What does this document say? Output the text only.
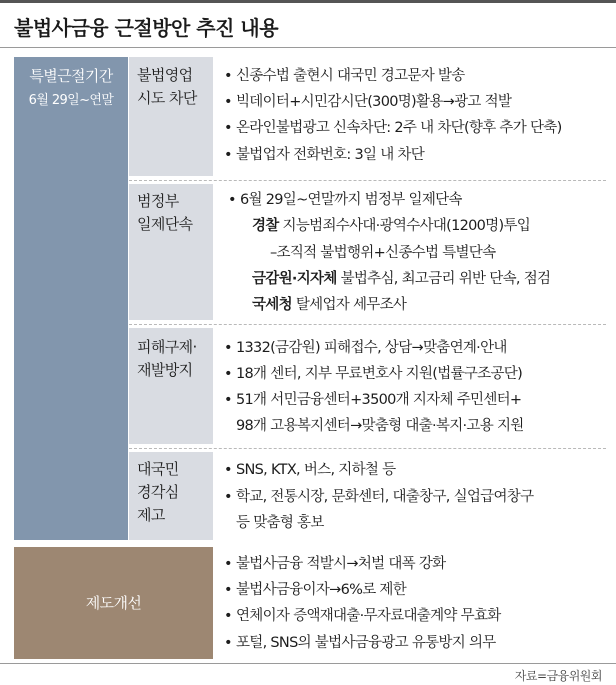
불법사금융 근절방안 추진 내용
특별근절기간
6월 29일~연말
불법영업
시도 차단
• 신종수법 출현시 대국민 경고문자 발송
• 빅데이터+시민감시단(300명)활용→광고 적발
• 온라인불법광고 신속차단: 2주 내 차단(향후 추가 단축)
• 불법업자 전화번호: 3일 내 차단
범정부
일제단속
• 6월 29일~연말까지 범정부 일제단속
경찰 지능범죄수사대·광역수사대(1200명)투입
–조직적 불법행위+신종수법 특별단속
금감원·지자체 불법추심, 최고금리 위반 단속, 점검
국세청 탈세업자 세무조사
피해구제·
재발방지
• 1332(금감원) 피해접수, 상담→맞춤연계·안내
• 18개 센터, 지부 무료변호사 지원(법률구조공단)
• 51개 서민금융센터+3500개 지자체 주민센터+
98개 고용복지센터→맞춤형 대출·복지·고용 지원
대국민
경각심
제고
• SNS, KTX, 버스, 지하철 등
• 학교, 전통시장, 문화센터, 대출창구, 실업급여창구
등 맞춤형 홍보
제도개선
• 불법사금융 적발시→처벌 대폭 강화
• 불법사금융이자→6%로 제한
• 연체이자 증액재대출·무자료대출계약 무효화
• 포털, SNS의 불법사금융광고 유통방지 의무
자료=금융위원회
